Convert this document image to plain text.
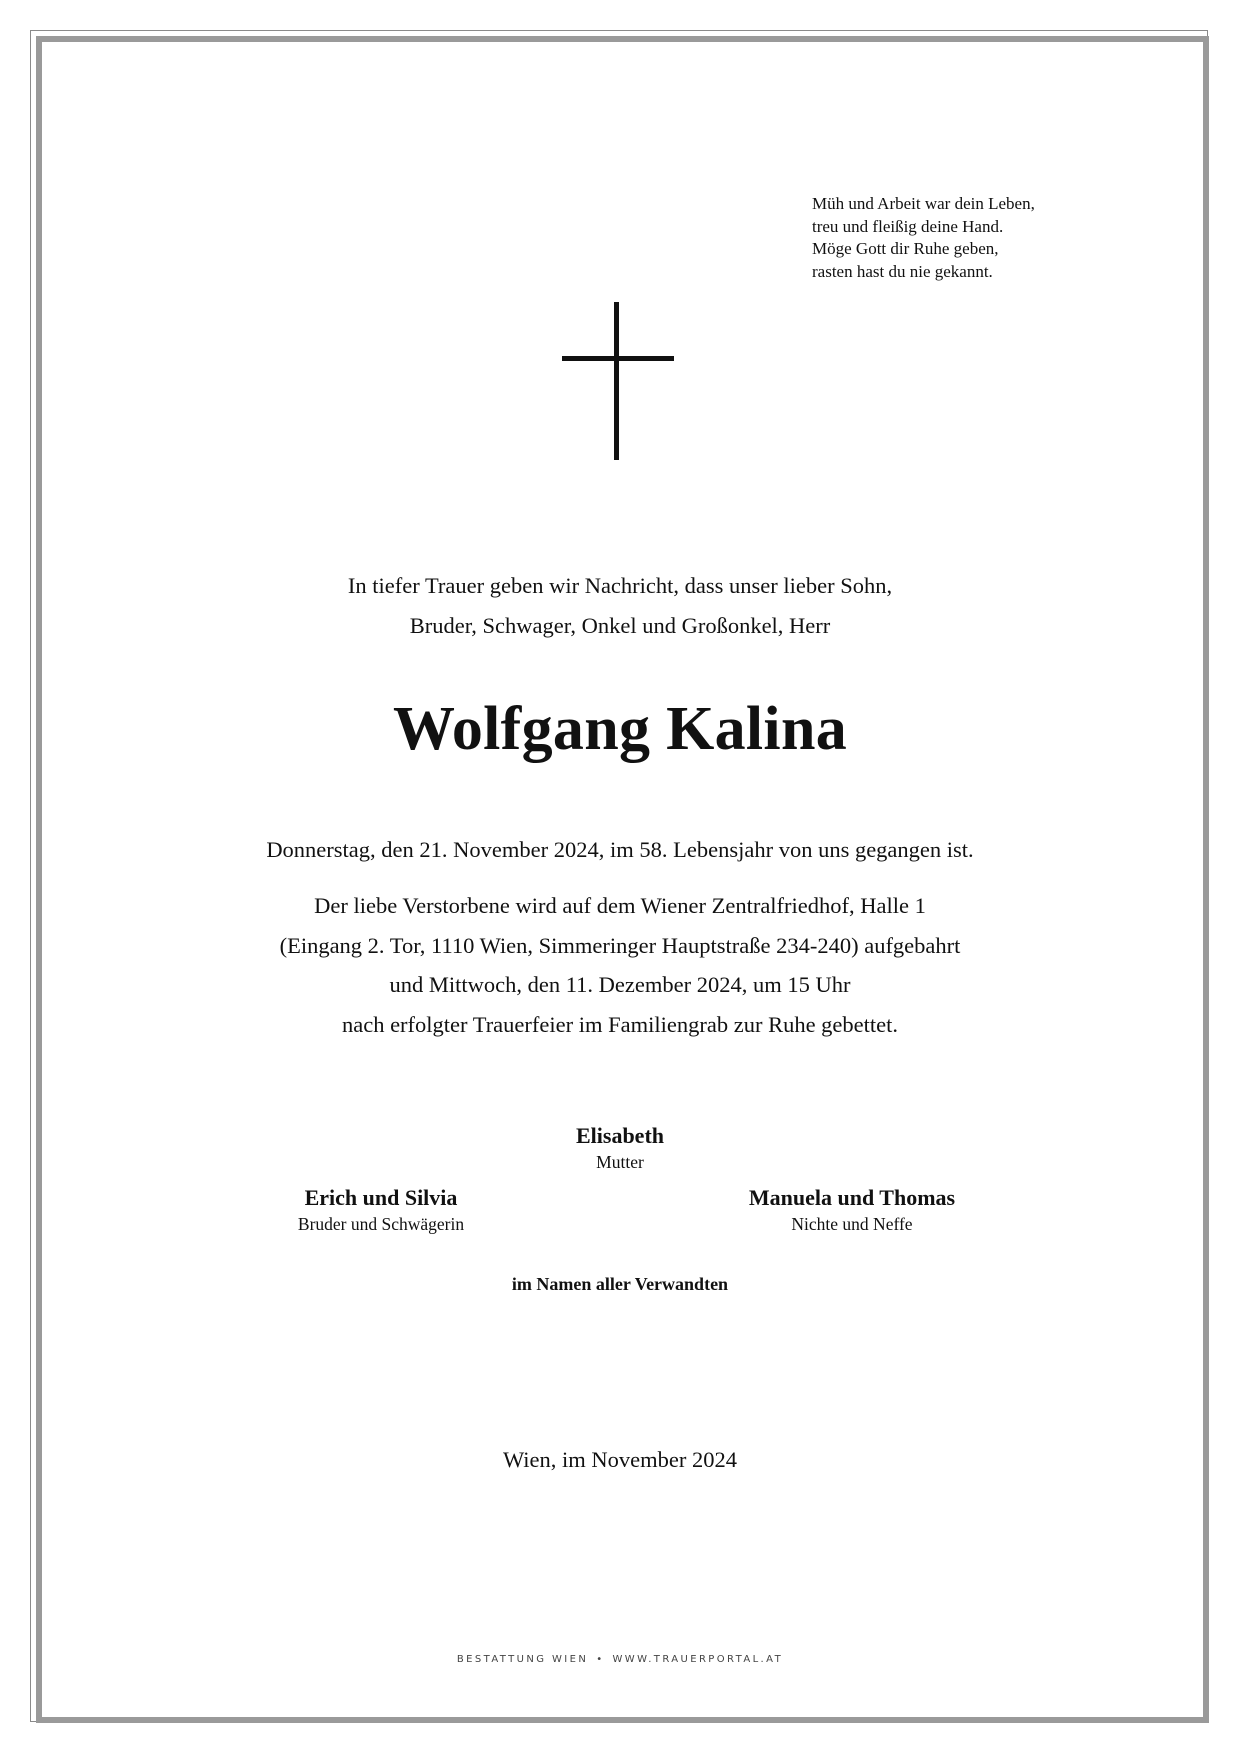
Müh und Arbeit war dein Leben,
treu und fleißig deine Hand.
Möge Gott dir Ruhe geben,
rasten hast du nie gekannt.
In tiefer Trauer geben wir Nachricht, dass unser lieber Sohn,
Bruder, Schwager, Onkel und Großonkel, Herr
Wolfgang Kalina
Donnerstag, den 21. November 2024, im 58. Lebensjahr von uns gegangen ist.
Der liebe Verstorbene wird auf dem Wiener Zentralfriedhof, Halle 1
(Eingang 2. Tor, 1110 Wien, Simmeringer Hauptstraße 234-240) aufgebahrt
und Mittwoch, den 11. Dezember 2024, um 15 Uhr
nach erfolgter Trauerfeier im Familiengrab zur Ruhe gebettet.
Elisabeth
Mutter
Erich und Silvia
Bruder und Schwägerin
Manuela und Thomas
Nichte und Neffe
im Namen aller Verwandten
Wien, im November 2024
BESTATTUNG WIEN • WWW.TRAUERPORTAL.AT
